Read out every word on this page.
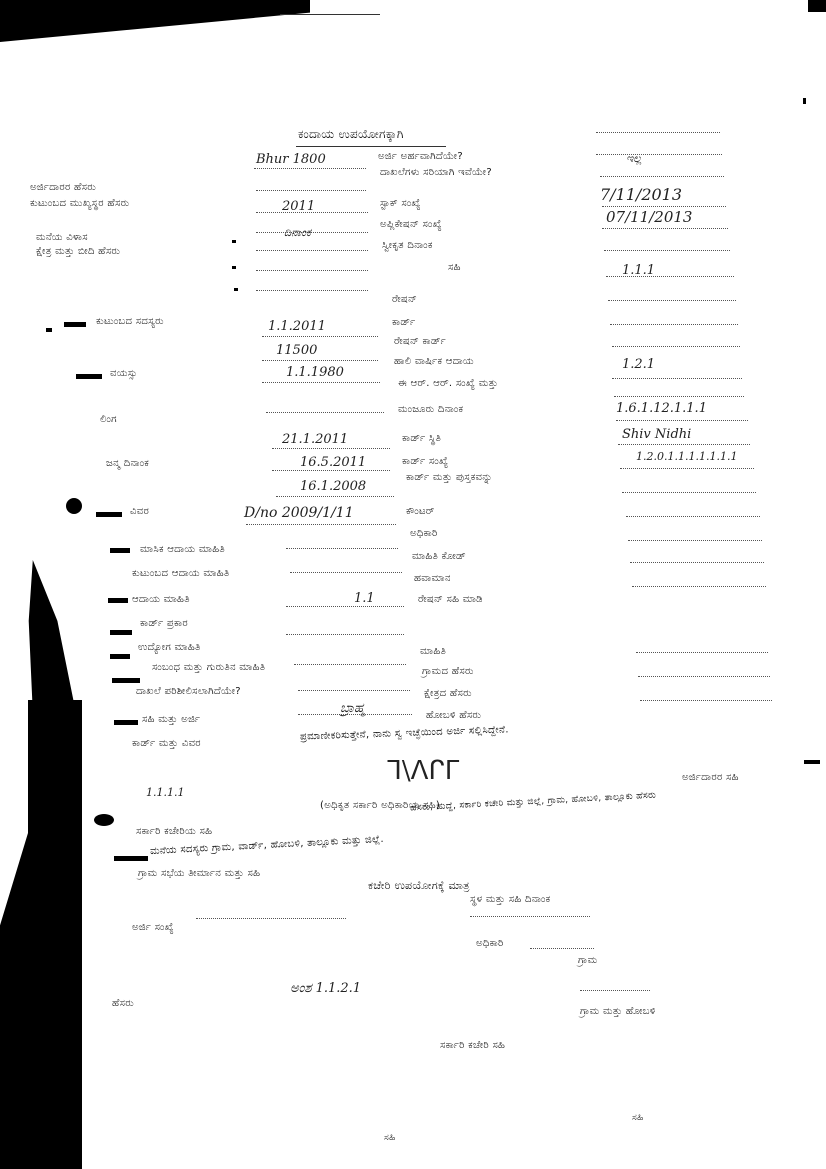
ಕಂದಾಯ ಉಪಯೋಗಕ್ಕಾಗಿ
ಅರ್ಜಿ ಅರ್ಹವಾಗಿದೆಯೇ?
ದಾಖಲೆಗಳು ಸರಿಯಾಗಿ ಇವೆಯೇ?
ಸ್ಟಾಕ್ ಸಂಖ್ಯೆ
ಅಪ್ಲಿಕೇಷನ್ ಸಂಖ್ಯೆ
ಸ್ವೀಕೃತ ದಿನಾಂಕ
ಸಹಿ
ರೇಷನ್
ಕಾರ್ಡ್
ರೇಷನ್ ಕಾರ್ಡ್
ಹಾಲಿ ವಾರ್ಷಿಕ ಆದಾಯ
ಈ ಆರ್. ಆರ್. ಸಂಖ್ಯೆ ಮತ್ತು
ಮಂಜೂರು ದಿನಾಂಕ
ಕಾರ್ಡ್ ಸ್ಥಿತಿ
ಕಾರ್ಡ್ ಸಂಖ್ಯೆ
ಕಾರ್ಡ್ ಮತ್ತು ಪುಸ್ತಕವನ್ನು
ಕೌಂಟರ್
ಅಧಿಕಾರಿ
ಮಾಹಿತಿ ಕೋಡ್
ಹವಾಮಾನ
ರೇಷನ್ ಸಹಿ ಮಾಡಿ
ಮಾಹಿತಿ
ಗ್ರಾಮದ ಹೆಸರು
ಕ್ಷೇತ್ರದ ಹೆಸರು
ಹೋಬಳಿ ಹೆಸರು
ಅರ್ಜಿದಾರರ ಹೆಸರು
ಕುಟುಂಬದ ಮುಖ್ಯಸ್ಥರ ಹೆಸರು
ಮನೆಯ ವಿಳಾಸ
ಕ್ಷೇತ್ರ ಮತ್ತು ಬೀದಿ ಹೆಸರು
ಕುಟುಂಬದ ಸದಸ್ಯರು
ವಯಸ್ಸು
ಲಿಂಗ
ಜನ್ಮ ದಿನಾಂಕ
ವಿವರ
ಮಾಸಿಕ ಆದಾಯ ಮಾಹಿತಿ
ಕುಟುಂಬದ ಆದಾಯ ಮಾಹಿತಿ
ಆದಾಯ ಮಾಹಿತಿ
ಕಾರ್ಡ್ ಪ್ರಕಾರ
ಉದ್ಯೋಗ ಮಾಹಿತಿ
ಸಂಬಂಧ ಮತ್ತು ಗುರುತಿನ ಮಾಹಿತಿ
ದಾಖಲೆ ಪರಿಶೀಲಿಸಲಾಗಿದೆಯೇ?
ಸಹಿ ಮತ್ತು ಅರ್ಜಿ
ಕಾರ್ಡ್ ಮತ್ತು ವಿವರ
Bhur 1800
2011
ದಿನಾಂಕ
1.1.2011
11500
1.1.1980
21.1.2011
16.5.2011
16.1.2008
D/no 2009/1/11
1.1
ಬ್ರಾಹ್ಮ
ಇಲ್ಲ
7/11/2013
07/11/2013
1.1.1
1.2.1
1.6.1.12.1.1.1
Shiv Nidhi
1.2.0.1.1.1.1.1.1.1
ಪ್ರಮಾಣೀಕರಿಸುತ್ತೇನೆ, ನಾನು ಸ್ವ ಇಚ್ಛೆಯಿಂದ ಅರ್ಜಿ ಸಲ್ಲಿಸಿದ್ದೇನೆ.
ᒣ\ᐱᒋᒥ	ಅರ್ಜಿದಾರರ ಸಹಿ
1.1.1.1
(ಅಧಿಕೃತ ಸರ್ಕಾರಿ ಅಧಿಕಾರಿಯ ಸಹಿ)
ಹೆಸರು, ಹುದ್ದೆ, ಸರ್ಕಾರಿ ಕಚೇರಿ ಮತ್ತು ಜಿಲ್ಲೆ, ಗ್ರಾಮ, ಹೋಬಳಿ, ತಾಲ್ಲೂಕು ಹೆಸರು
ಸರ್ಕಾರಿ ಕಚೇರಿಯ ಸಹಿ
ಮನೆಯ ಸದಸ್ಯರು ಗ್ರಾಮ, ವಾರ್ಡ್, ಹೋಬಳಿ, ತಾಲ್ಲೂಕು ಮತ್ತು ಜಿಲ್ಲೆ.
ಗ್ರಾಮ ಸಭೆಯ ತೀರ್ಮಾನ ಮತ್ತು ಸಹಿ
ಕಚೇರಿ ಉಪಯೋಗಕ್ಕೆ ಮಾತ್ರ
ಸ್ಥಳ ಮತ್ತು ಸಹಿ ದಿನಾಂಕ
ಅರ್ಜಿ ಸಂಖ್ಯೆ
ಅಧಿಕಾರಿ
ಗ್ರಾಮ
ಹೆಸರು
ಅಂಶ 1.1.2.1
ಗ್ರಾಮ ಮತ್ತು ಹೋಬಳಿ
ಸರ್ಕಾರಿ ಕಚೇರಿ ಸಹಿ
ಸಹಿ
ಸಹಿ
